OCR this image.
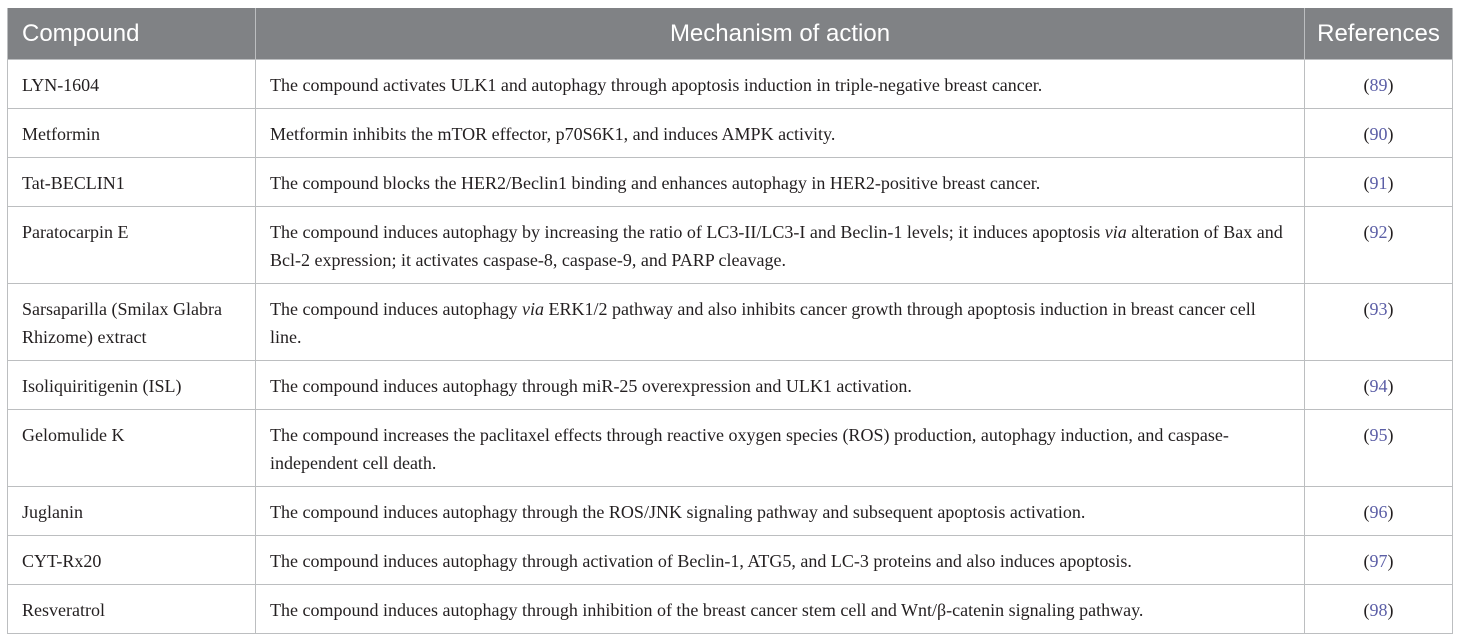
Compound	Mechanism of action	References
LYN-1604	The compound activates ULK1 and autophagy through apoptosis induction in triple-negative breast cancer.	(89)
Metformin	Metformin inhibits the mTOR effector, p70S6K1, and induces AMPK activity.	(90)
Tat-BECLIN1	The compound blocks the HER2/Beclin1 binding and enhances autophagy in HER2-positive breast cancer.	(91)
Paratocarpin E	The compound induces autophagy by increasing the ratio of LC3-II/LC3-I and Beclin-1 levels; it induces apoptosis via alteration of Bax and Bcl-2 expression; it activates caspase-8, caspase-9, and PARP cleavage.	(92)
Sarsaparilla (Smilax Glabra Rhizome) extract	The compound induces autophagy via ERK1/2 pathway and also inhibits cancer growth through apoptosis induction in breast cancer cell line.	(93)
Isoliquiritigenin (ISL)	The compound induces autophagy through miR-25 overexpression and ULK1 activation.	(94)
Gelomulide K	The compound increases the paclitaxel effects through reactive oxygen species (ROS) production, autophagy induction, and caspase-independent cell death.	(95)
Juglanin	The compound induces autophagy through the ROS/JNK signaling pathway and subsequent apoptosis activation.	(96)
CYT-Rx20	The compound induces autophagy through activation of Beclin-1, ATG5, and LC-3 proteins and also induces apoptosis.	(97)
Resveratrol	The compound induces autophagy through inhibition of the breast cancer stem cell and Wnt/β-catenin signaling pathway.	(98)
